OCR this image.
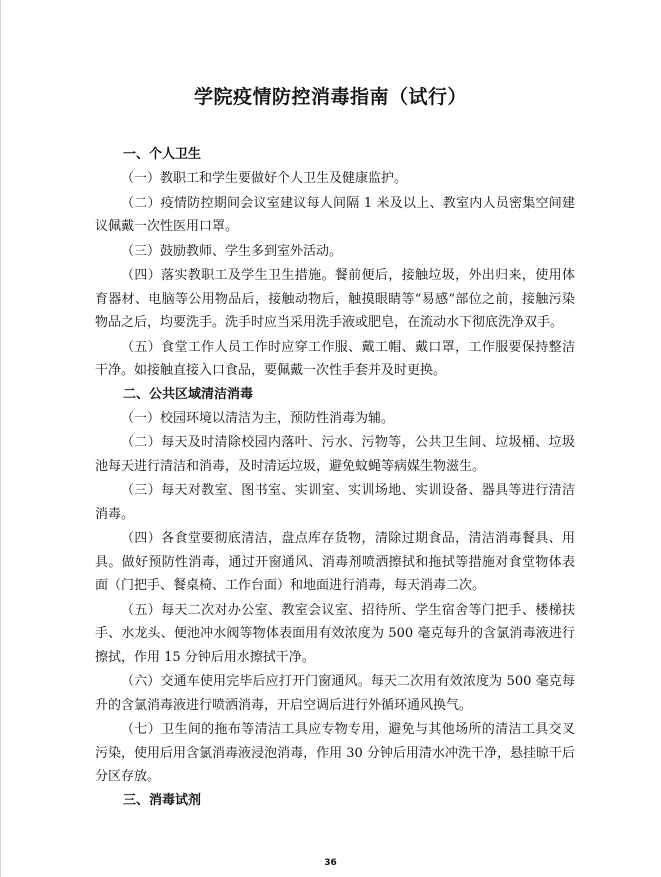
学院疫情防控消毒指南（试行）

一、个人卫生

（一）教职工和学生要做好个人卫生及健康监护。

（二）疫情防控期间会议室建议每人间隔 1 米及以上、教室内人员密集空间建议佩戴一次性医用口罩。

（三）鼓励教师、学生多到室外活动。

（四）落实教职工及学生卫生措施。餐前便后，接触垃圾，外出归来，使用体育器材、电脑等公用物品后，接触动物后，触摸眼睛等“易感”部位之前，接触污染物品之后，均要洗手。洗手时应当采用洗手液或肥皂，在流动水下彻底洗净双手。

（五）食堂工作人员工作时应穿工作服、戴工帽、戴口罩，工作服要保持整洁干净。如接触直接入口食品，要佩戴一次性手套并及时更换。

二、公共区域清洁消毒

（一）校园环境以清洁为主，预防性消毒为辅。

（二）每天及时清除校园内落叶、污水、污物等，公共卫生间、垃圾桶、垃圾池每天进行清洁和消毒，及时清运垃圾，避免蚊蝇等病媒生物滋生。

（三）每天对教室、图书室、实训室、实训场地、实训设备、器具等进行清洁消毒。

（四）各食堂要彻底清洁，盘点库存货物，清除过期食品，清洁消毒餐具、用具。做好预防性消毒，通过开窗通风、消毒剂喷洒擦拭和拖拭等措施对食堂物体表面（门把手、餐桌椅、工作台面）和地面进行消毒，每天消毒二次。

（五）每天二次对办公室、教室会议室、招待所、学生宿舍等门把手、楼梯扶手、水龙头、便池冲水阀等物体表面用有效浓度为 500 毫克每升的含氯消毒液进行擦拭，作用 15 分钟后用水擦拭干净。

（六）交通车使用完毕后应打开门窗通风。每天二次用有效浓度为 500 毫克每升的含氯消毒液进行喷洒消毒，开启空调后进行外循环通风换气。

（七）卫生间的拖布等清洁工具应专物专用，避免与其他场所的清洁工具交叉污染，使用后用含氯消毒液浸泡消毒，作用 30 分钟后用清水冲洗干净，悬挂晾干后分区存放。

三、消毒试剂

36
